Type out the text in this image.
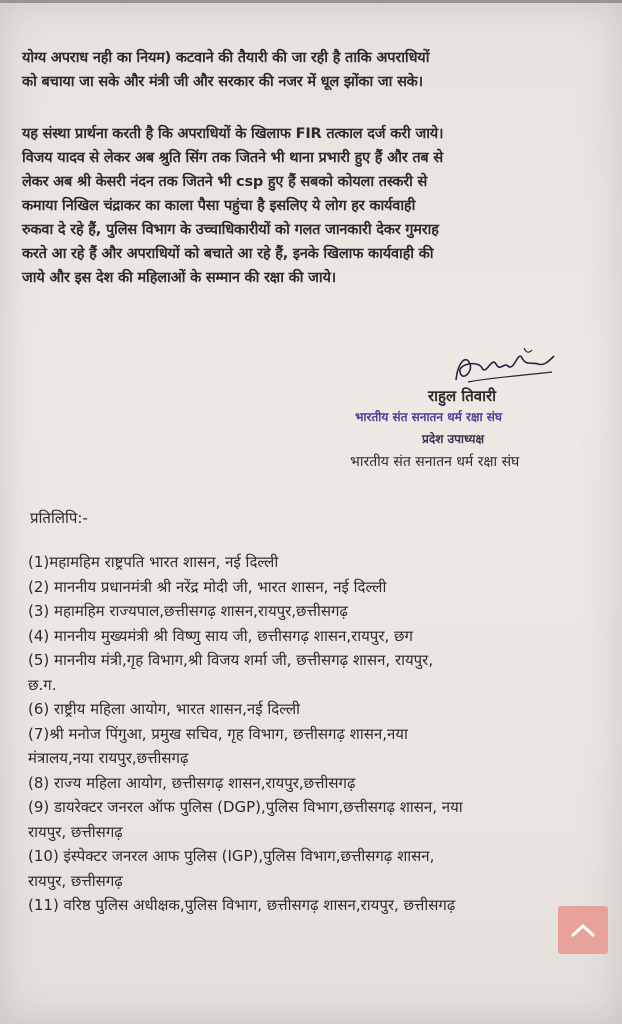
योग्य अपराध नही का नियम) कटवाने की तैयारी की जा रही है ताकि अपराधियों
को बचाया जा सके और मंत्री जी और सरकार की नजर में धूल झोंका जा सके।
यह संस्था प्रार्थना करती है कि अपराधियों के खिलाफ FIR तत्काल दर्ज करी जाये।
विजय यादव से लेकर अब श्रुति सिंग तक जितने भी थाना प्रभारी हुए हैं और तब से
लेकर अब श्री केसरी नंदन तक जितने भी csp हुए हैं सबको कोयला तस्करी से
कमाया निखिल चंद्राकर का काला पैसा पहुंचा है इसलिए ये लोग हर कार्यवाही
रुकवा दे रहे हैं, पुलिस विभाग के उच्चाधिकारीयों को गलत जानकारी देकर गुमराह
करते आ रहे हैं और अपराधियों को बचाते आ रहे हैं, इनके खिलाफ कार्यवाही की
जाये और इस देश की महिलाओं के सम्मान की रक्षा की जाये।
राहुल तिवारी
भारतीय संत सनातन धर्म रक्षा संघ
प्रदेश उपाध्यक्ष
भारतीय संत सनातन धर्म रक्षा संघ
प्रतिलिपि:-
(1)महामहिम राष्ट्रपति भारत शासन, नई दिल्ली
(2) माननीय प्रधानमंत्री श्री नरेंद्र मोदी जी, भारत शासन, नई दिल्ली
(3) महामहिम राज्यपाल,छत्तीसगढ़ शासन,रायपुर,छत्तीसगढ़
(4) माननीय मुख्यमंत्री श्री विष्णु साय जी, छत्तीसगढ़ शासन,रायपुर, छग
(5) माननीय मंत्री,गृह विभाग,श्री विजय शर्मा जी, छत्तीसगढ़ शासन, रायपुर,
छ.ग.
(6) राष्ट्रीय महिला आयोग, भारत शासन,नई दिल्ली
(7)श्री मनोज पिंगुआ, प्रमुख सचिव, गृह विभाग, छत्तीसगढ़ शासन,नया
मंत्रालय,नया रायपुर,छत्तीसगढ़
(8) राज्य महिला आयोग, छत्तीसगढ़ शासन,रायपुर,छत्तीसगढ़
(9) डायरेक्टर जनरल ऑफ पुलिस (DGP),पुलिस विभाग,छत्तीसगढ़ शासन, नया
रायपुर, छत्तीसगढ़
(10) इंस्पेक्टर जनरल आफ पुलिस (IGP),पुलिस विभाग,छत्तीसगढ़ शासन,
रायपुर, छत्तीसगढ़
(11) वरिष्ठ पुलिस अधीक्षक,पुलिस विभाग, छत्तीसगढ़ शासन,रायपुर, छत्तीसगढ़
